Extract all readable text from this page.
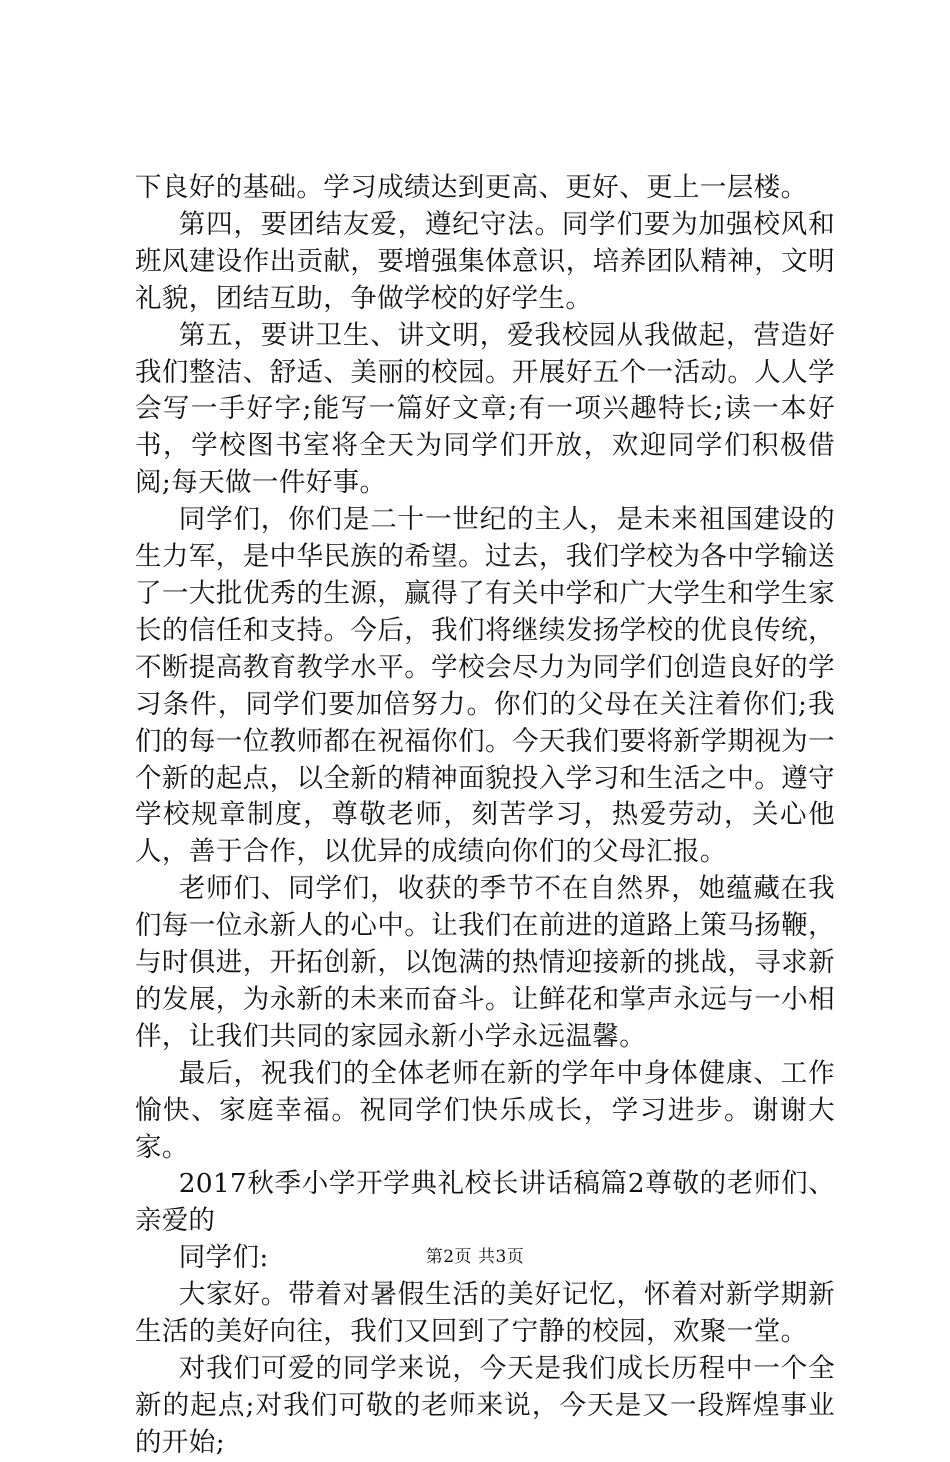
下良好的基础。学习成绩达到更高、更好、更上一层楼。

第四，要团结友爱，遵纪守法。同学们要为加强校风和班风建设作出贡献，要增强集体意识，培养团队精神，文明礼貌，团结互助，争做学校的好学生。

第五，要讲卫生、讲文明，爱我校园从我做起，营造好我们整洁、舒适、美丽的校园。开展好五个一活动。人人学会写一手好字;能写一篇好文章;有一项兴趣特长;读一本好书，学校图书室将全天为同学们开放，欢迎同学们积极借阅;每天做一件好事。

同学们，你们是二十一世纪的主人，是未来祖国建设的生力军，是中华民族的希望。过去，我们学校为各中学输送了一大批优秀的生源，赢得了有关中学和广大学生和学生家长的信任和支持。今后，我们将继续发扬学校的优良传统，不断提高教育教学水平。学校会尽力为同学们创造良好的学习条件，同学们要加倍努力。你们的父母在关注着你们;我们的每一位教师都在祝福你们。今天我们要将新学期视为一个新的起点，以全新的精神面貌投入学习和生活之中。遵守学校规章制度，尊敬老师，刻苦学习，热爱劳动，关心他人，善于合作，以优异的成绩向你们的父母汇报。

老师们、同学们，收获的季节不在自然界，她蕴藏在我们每一位永新人的心中。让我们在前进的道路上策马扬鞭，与时俱进，开拓创新，以饱满的热情迎接新的挑战，寻求新的发展，为永新的未来而奋斗。让鲜花和掌声永远与一小相伴，让我们共同的家园永新小学永远温馨。

最后，祝我们的全体老师在新的学年中身体健康、工作愉快、家庭幸福。祝同学们快乐成长，学习进步。谢谢大家。

2017秋季小学开学典礼校长讲话稿篇2尊敬的老师们、亲爱的

同学们:

大家好。带着对暑假生活的美好记忆，怀着对新学期新生活的美好向往，我们又回到了宁静的校园，欢聚一堂。

对我们可爱的同学来说，今天是我们成长历程中一个全新的起点;对我们可敬的老师来说，今天是又一段辉煌事业的开始;

第2页 共3页
